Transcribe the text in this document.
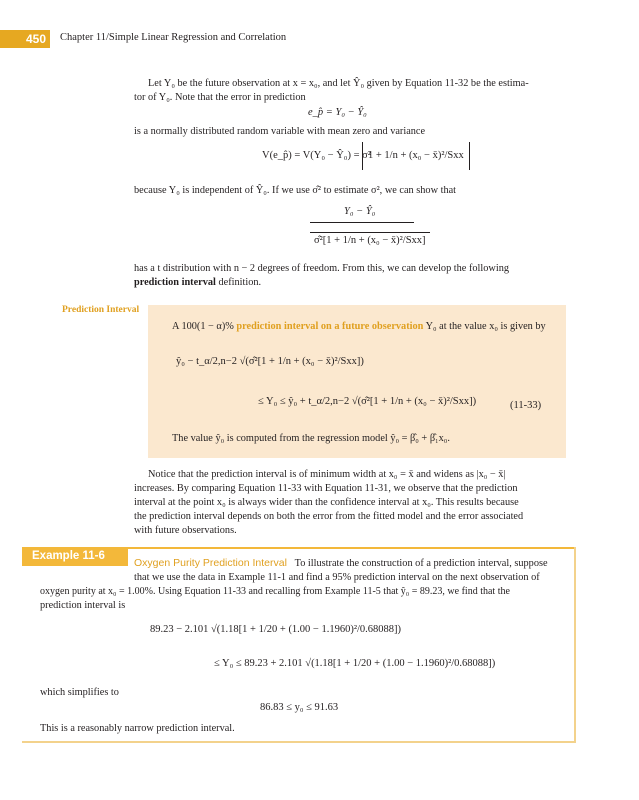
450	Chapter 11/Simple Linear Regression and Correlation
Let Y₀ be the future observation at x = x₀, and let Ŷ₀ given by Equation 11-32 be the estima-
tor of Y₀. Note that the error in prediction
e_p̂ = Y₀ − Ŷ₀
is a normally distributed random variable with mean zero and variance
V(e_p̂) = V(Y₀ − Ŷ₀) = σ²
1 + 1/n + (x₀ − x̄)²/Sxx
because Y₀ is independent of Ŷ₀. If we use σ̂² to estimate σ², we can show that
Y₀ − Ŷ₀
σ̂²[1 + 1/n + (x₀ − x̄)²/Sxx]
has a t distribution with n − 2 degrees of freedom. From this, we can develop the following
prediction interval definition.
Prediction Interval
A 100(1 − α)% prediction interval on a future observation Y₀ at the value x₀ is given by
ŷ₀ − t_α/2,n−2 √(σ̂²[1 + 1/n + (x₀ − x̄)²/Sxx])
≤ Y₀ ≤ ŷ₀ + t_α/2,n−2 √(σ̂²[1 + 1/n + (x₀ − x̄)²/Sxx])	(11-33)
The value ŷ₀ is computed from the regression model ŷ₀ = β̂₀ + β̂₁x₀.
Notice that the prediction interval is of minimum width at x₀ = x̄ and widens as |x₀ − x̄|
increases. By comparing Equation 11-33 with Equation 11-31, we observe that the prediction
interval at the point x₀ is always wider than the confidence interval at x₀. This results because
the prediction interval depends on both the error from the fitted model and the error associated
with future observations.
Example 11-6
Oxygen Purity Prediction Interval To illustrate the construction of a prediction interval, suppose
that we use the data in Example 11-1 and find a 95% prediction interval on the next observation of
oxygen purity at x₀ = 1.00%. Using Equation 11-33 and recalling from Example 11-5 that ŷ₀ = 89.23, we find that the
prediction interval is
89.23 − 2.101 √(1.18[1 + 1/20 + (1.00 − 1.1960)²/0.68088])
≤ Y₀ ≤ 89.23 + 2.101 √(1.18[1 + 1/20 + (1.00 − 1.1960)²/0.68088])
which simplifies to
86.83 ≤ y₀ ≤ 91.63
This is a reasonably narrow prediction interval.
